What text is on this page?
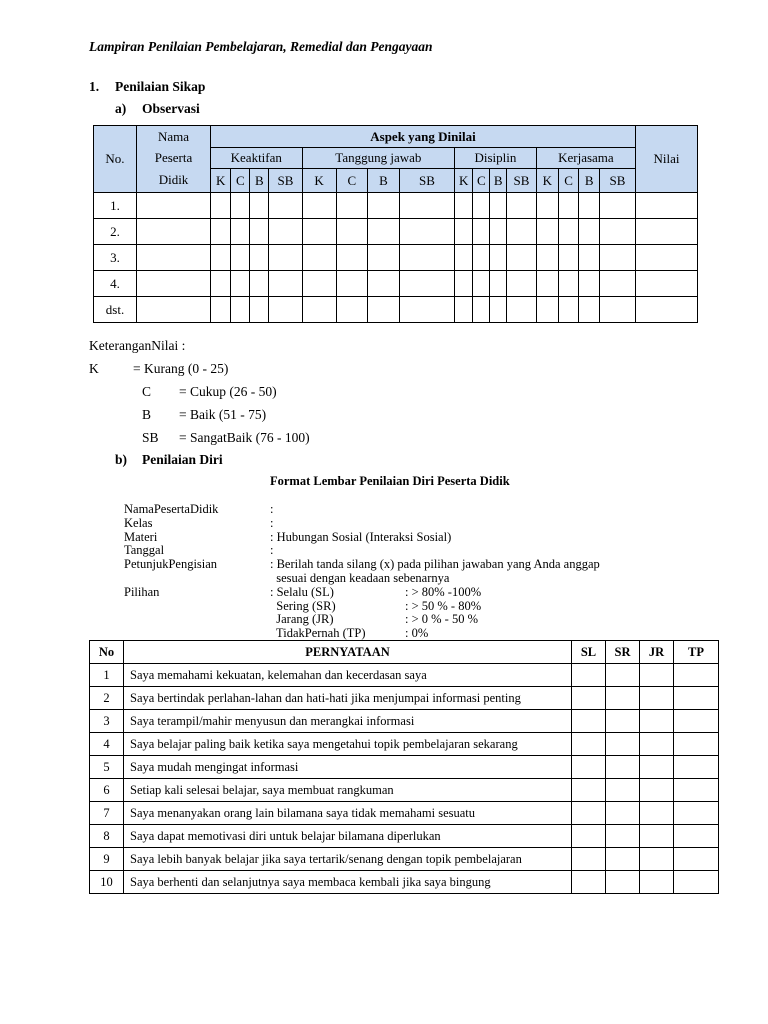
Lampiran Penilaian Pembelajaran, Remedial dan Pengayaan
1. Penilaian Sikap
a) Observasi
No.	Nama	Aspek yang Dinilai																Nilai
	Peserta	Keaktifan				Tanggung jawab				Disiplin				Kerjasama				
	Didik	K	C	B	SB	K	C	B	SB	K	C	B	SB	K	C	B	SB	
1.																		
2.																		
3.																		
4.																		
dst.																		
KeteranganNilai :
K	= Kurang (0 - 25)
C = Cukup (26 - 50)
B = Baik (51 - 75)
SB = SangatBaik (76 - 100)
b) Penilaian Diri
Format Lembar Penilaian Diri Peserta Didik
NamaPesertaDidik	:
Kelas	:
Materi	: Hubungan Sosial (Interaksi Sosial)
Tanggal	:
PetunjukPengisian	: Berilah tanda silang (x) pada pilihan jawaban yang Anda anggap
sesuai dengan keadaan sebenarnya
Pilihan	: Selalu (SL)	: > 80% -100%
Sering (SR)	: > 50 % - 80%
Jarang (JR)	: > 0 % - 50 %
TidakPernah (TP)	: 0%
No	PERNYATAAN	SL	SR	JR	TP
1	Saya memahami kekuatan, kelemahan dan kecerdasan saya				
2	Saya bertindak perlahan-lahan dan hati-hati jika menjumpai informasi penting				
3	Saya terampil/mahir menyusun dan merangkai informasi				
4	Saya belajar paling baik ketika saya mengetahui topik pembelajaran sekarang				
5	Saya mudah mengingat informasi				
6	Setiap kali selesai belajar, saya membuat rangkuman				
7	Saya menanyakan orang lain bilamana saya tidak memahami sesuatu				
8	Saya dapat memotivasi diri untuk belajar bilamana diperlukan				
9	Saya lebih banyak belajar jika saya tertarik/senang dengan topik pembelajaran				
10	Saya berhenti dan selanjutnya saya membaca kembali jika saya bingung				
